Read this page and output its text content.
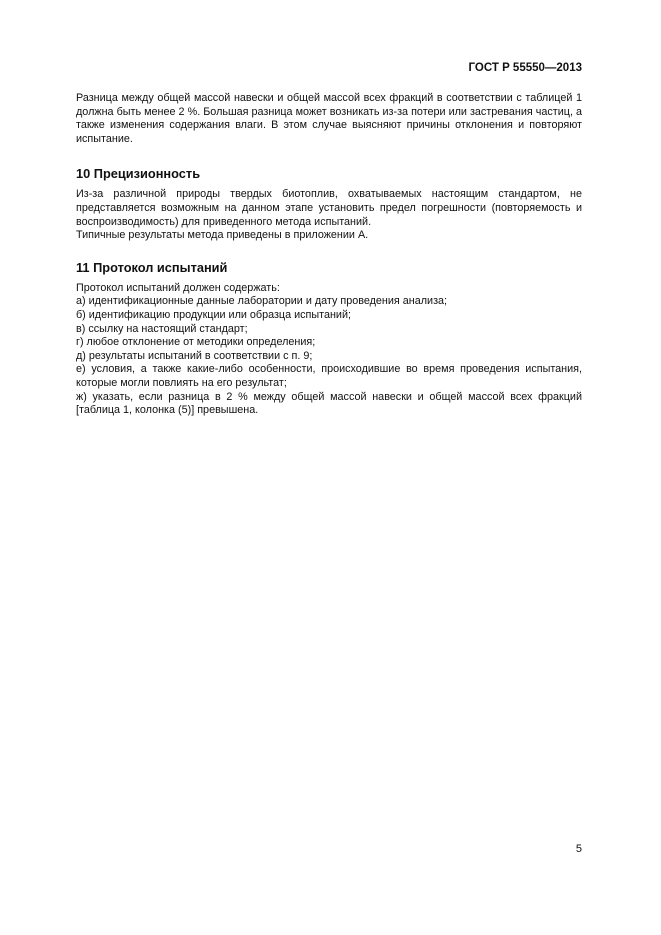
ГОСТ Р 55550—2013

Разница между общей массой навески и общей массой всех фракций в соответствии с таблицей 1 должна быть менее 2 %. Большая разница может возникать из-за потери или застревания частиц, а также изменения содержания влаги. В этом случае выясняют причины отклонения и повторяют испытание.

10 Прецизионность

Из-за различной природы твердых биотоплив, охватываемых настоящим стандартом, не представляется возможным на данном этапе установить предел погрешности (повторяемость и воспроизводимость) для приведенного метода испытаний.

Типичные результаты метода приведены в приложении А.

11 Протокол испытаний

Протокол испытаний должен содержать:

а) идентификационные данные лаборатории и дату проведения анализа;

б) идентификацию продукции или образца испытаний;

в) ссылку на настоящий стандарт;

г) любое отклонение от методики определения;

д) результаты испытаний в соответствии с п. 9;

е) условия, а также какие-либо особенности, происходившие во время проведения испытания, которые могли повлиять на его результат;

ж) указать, если разница в 2 % между общей массой навески и общей массой всех фракций [таблица 1, колонка (5)] превышена.

5
